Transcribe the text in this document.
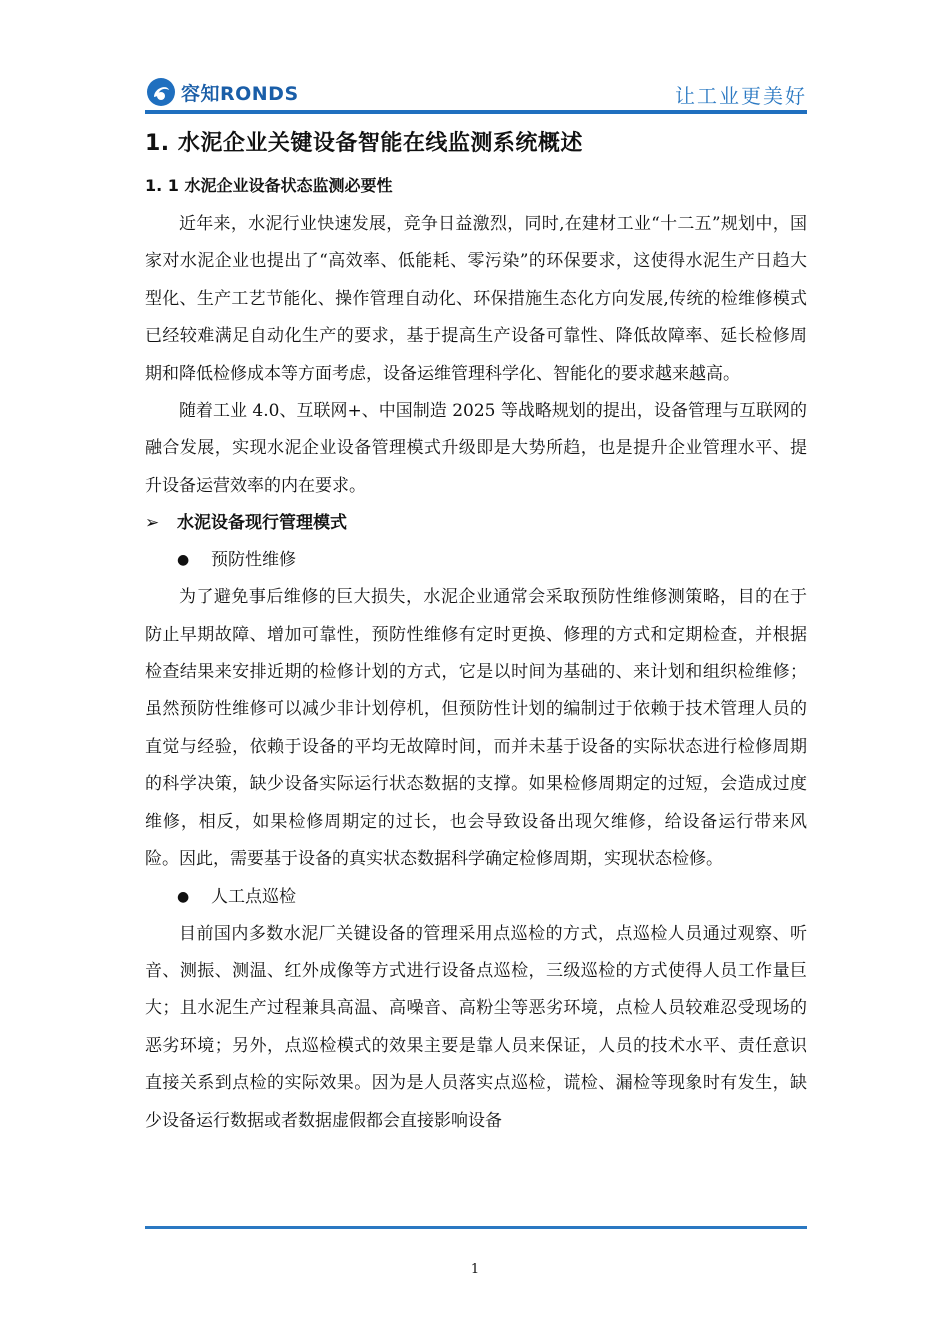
容知RONDS	让工业更美好
1. 水泥企业关键设备智能在线监测系统概述
1. 1 水泥企业设备状态监测必要性

近年来，水泥行业快速发展，竞争日益激烈，同时,在建材工业“十二五”规划中，国家对水泥企业也提出了“高效率、低能耗、零污染”的环保要求，这使得水泥生产日趋大型化、生产工艺节能化、操作管理自动化、环保措施生态化方向发展,传统的检维修模式已经较难满足自动化生产的要求，基于提高生产设备可靠性、降低故障率、延长检修周期和降低检修成本等方面考虑，设备运维管理科学化、智能化的要求越来越高。

随着工业 4.0、互联网+、中国制造 2025 等战略规划的提出，设备管理与互联网的融合发展，实现水泥企业设备管理模式升级即是大势所趋，也是提升企业管理水平、提升设备运营效率的内在要求。

➢	水泥设备现行管理模式
●	预防性维修

为了避免事后维修的巨大损失，水泥企业通常会采取预防性维修测策略，目的在于防止早期故障、增加可靠性，预防性维修有定时更换、修理的方式和定期检查，并根据检查结果来安排近期的检修计划的方式，它是以时间为基础的、来计划和组织检维修；虽然预防性维修可以减少非计划停机，但预防性计划的编制过于依赖于技术管理人员的直觉与经验，依赖于设备的平均无故障时间，而并未基于设备的实际状态进行检修周期的科学决策，缺少设备实际运行状态数据的支撑。如果检修周期定的过短，会造成过度维修，相反，如果检修周期定的过长，也会导致设备出现欠维修，给设备运行带来风险。因此，需要基于设备的真实状态数据科学确定检修周期，实现状态检修。

●	人工点巡检

目前国内多数水泥厂关键设备的管理采用点巡检的方式，点巡检人员通过观察、听音、测振、测温、红外成像等方式进行设备点巡检，三级巡检的方式使得人员工作量巨大；且水泥生产过程兼具高温、高噪音、高粉尘等恶劣环境，点检人员较难忍受现场的恶劣环境；另外，点巡检模式的效果主要是靠人员来保证，人员的技术水平、责任意识直接关系到点检的实际效果。因为是人员落实点巡检，谎检、漏检等现象时有发生，缺少设备运行数据或者数据虚假都会直接影响设备

1
